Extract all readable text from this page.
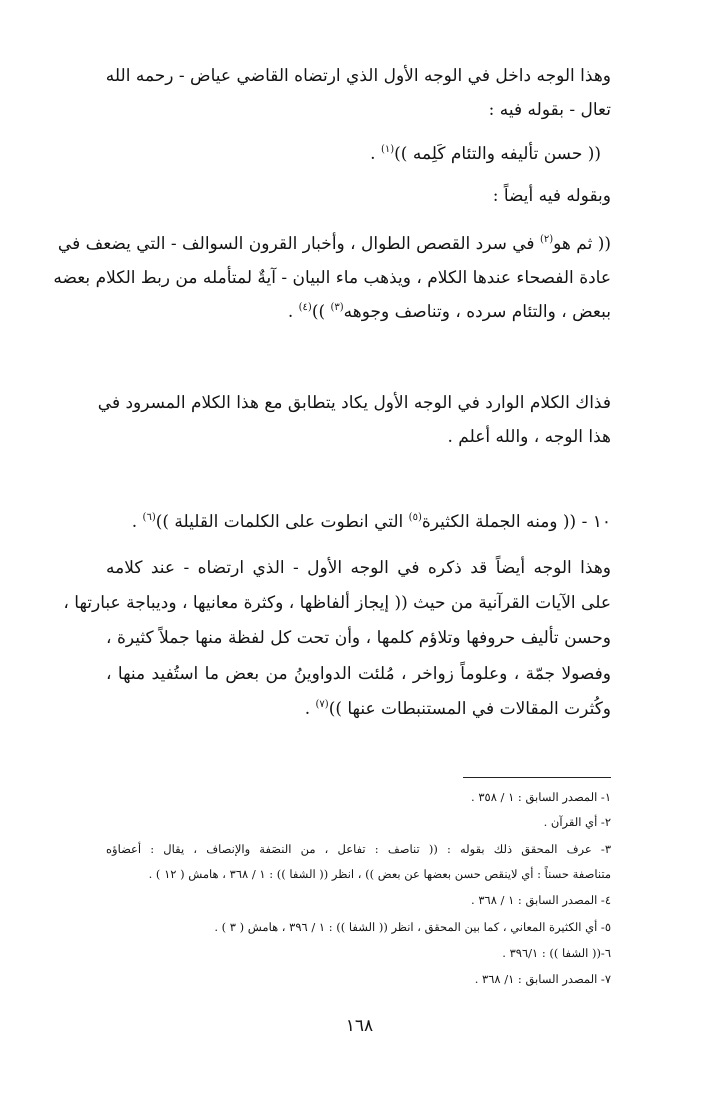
وهذا الوجه داخل في الوجه الأول الذي ارتضاه القاضي عياض - رحمه الله
تعال - بقوله فيه :
(( حسن تأليفه والتئام كَلِمه ))$^{(١)}$ .
وبقوله فيه أيضاً :
(( ثم هو$^{(٢)}$ في سرد القصص الطوال ، وأخبار القرون السوالف - التي يضعف في
عادة الفصحاء عندها الكلام ، ويذهب ماء البيان - آيةٌ لمتأمله من ربط الكلام بعضه
ببعض ، والتئام سرده ، وتناصف وجوهه$^{(٣)}$ ))$^{(٤)}$ .
فذاك الكلام الوارد في الوجه الأول يكاد يتطابق مع هذا الكلام المسرود في
هذا الوجه ، والله أعلم .
١٠ - (( ومنه الجملة الكثيرة$^{(٥)}$ التي انطوت على الكلمات القليلة ))$^{(٦)}$ .
وهذا الوجه أيضاً قد ذكره في الوجه الأول - الذي ارتضاه - عند كلامه
على الآيات القرآنية من حيث (( إيجاز ألفاظها ، وكثرة معانيها ، وديباجة عبارتها ،
وحسن تأليف حروفها وتلاؤم كلمها ، وأن تحت كل لفظة منها جملاً كثيرة ،
وفصولا جمّة ، وعلوماً زواخر ، مُلئت الدواوينُ من بعض ما استُفيد منها ،
وكُثرت المقالات في المستنبطات عنها ))$^{(٧)}$ .
١- المصدر السابق : ١ / ٣٥٨ .
٢- أي القرآن .
٣- عرف المحقق ذلك بقوله : (( تناصف : تفاعل ، من النصَفة والإنصاف ، يقال : أعضاؤه
متناصفة حسناً : أي لاينقص حسن بعضها عن بعض )) ، انظر (( الشفا )) : ١ / ٣٦٨ ، هامش ( ١٢ ) .
٤- المصدر السابق : ١ / ٣٦٨ .
٥- أي الكثيرة المعاني ، كما بين المحقق ، انظر (( الشفا )) : ١ / ٣٩٦ ، هامش ( ٣ ) .
٦-(( الشفا )) : ٣٩٦/١ .
٧- المصدر السابق : ١/ ٣٦٨ .
١٦٨
